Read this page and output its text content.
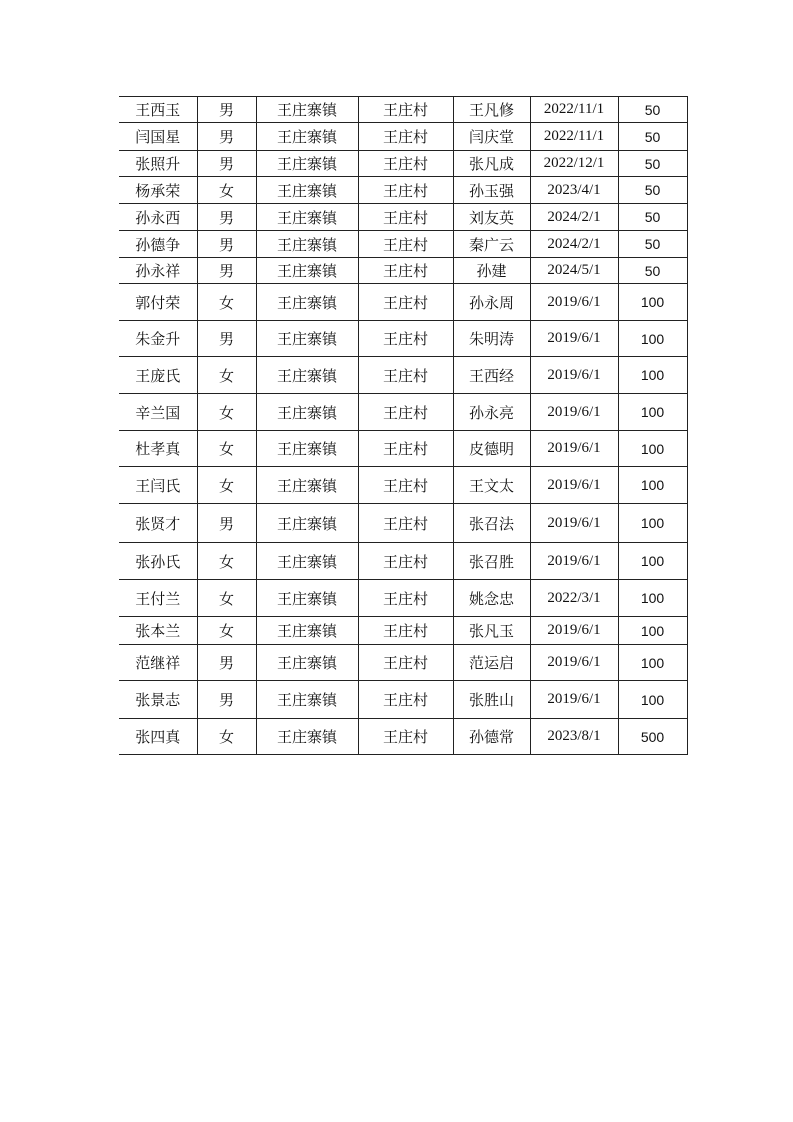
王西玉	男	王庄寨镇	王庄村	王凡修	2022/11/1	50
闫国星	男	王庄寨镇	王庄村	闫庆堂	2022/11/1	50
张照升	男	王庄寨镇	王庄村	张凡成	2022/12/1	50
杨承荣	女	王庄寨镇	王庄村	孙玉强	2023/4/1	50
孙永西	男	王庄寨镇	王庄村	刘友英	2024/2/1	50
孙德争	男	王庄寨镇	王庄村	秦广云	2024/2/1	50
孙永祥	男	王庄寨镇	王庄村	孙建	2024/5/1	50
郭付荣	女	王庄寨镇	王庄村	孙永周	2019/6/1	100
朱金升	男	王庄寨镇	王庄村	朱明涛	2019/6/1	100
王庞氏	女	王庄寨镇	王庄村	王西经	2019/6/1	100
辛兰国	女	王庄寨镇	王庄村	孙永亮	2019/6/1	100
杜孝真	女	王庄寨镇	王庄村	皮德明	2019/6/1	100
王闫氏	女	王庄寨镇	王庄村	王文太	2019/6/1	100
张贤才	男	王庄寨镇	王庄村	张召法	2019/6/1	100
张孙氏	女	王庄寨镇	王庄村	张召胜	2019/6/1	100
王付兰	女	王庄寨镇	王庄村	姚念忠	2022/3/1	100
张本兰	女	王庄寨镇	王庄村	张凡玉	2019/6/1	100
范继祥	男	王庄寨镇	王庄村	范运启	2019/6/1	100
张景志	男	王庄寨镇	王庄村	张胜山	2019/6/1	100
张四真	女	王庄寨镇	王庄村	孙德常	2023/8/1	500
